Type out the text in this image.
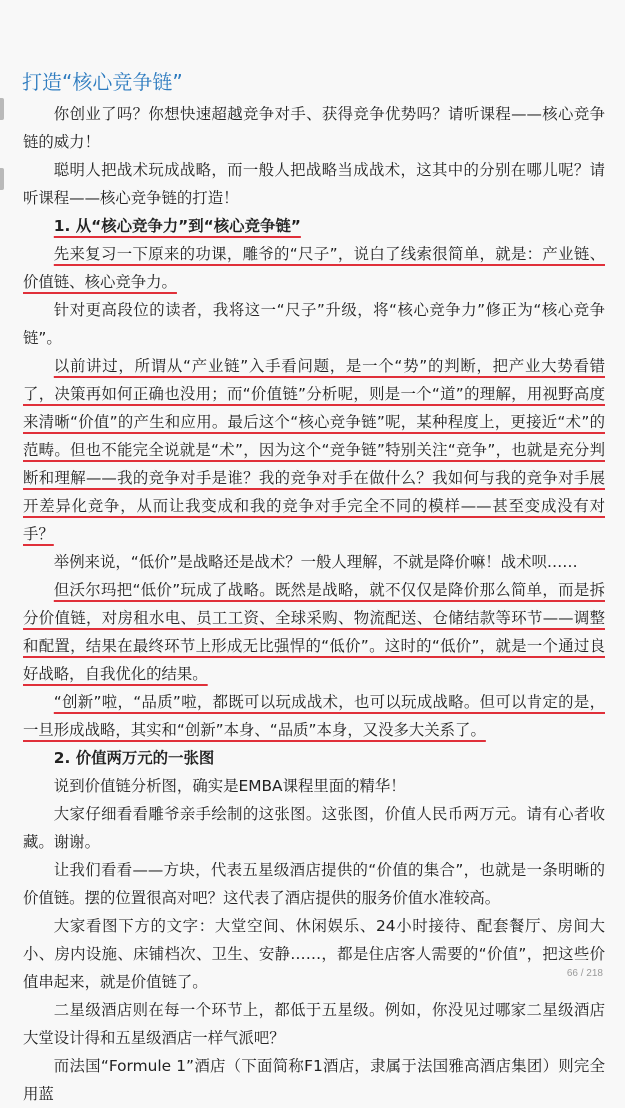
打造“核心竞争链”

你创业了吗？你想快速超越竞争对手、获得竞争优势吗？请听课程——核心竞争链的威力！

聪明人把战术玩成战略，而一般人把战略当成战术，这其中的分别在哪儿呢？请听课程——核心竞争链的打造！

1. 从“核心竞争力”到“核心竞争链”

先来复习一下原来的功课，雕爷的“尺子”，说白了线索很简单，就是：产业链、价值链、核心竞争力。

针对更高段位的读者，我将这一“尺子”升级，将“核心竞争力”修正为“核心竞争链”。

以前讲过，所谓从“产业链”入手看问题，是一个“势”的判断，把产业大势看错了，决策再如何正确也没用；而“价值链”分析呢，则是一个“道”的理解，用视野高度来清晰“价值”的产生和应用。最后这个“核心竞争链”呢，某种程度上，更接近“术”的范畴。但也不能完全说就是“术”，因为这个“竞争链”特别关注“竞争”，也就是充分判断和理解——我的竞争对手是谁？我的竞争对手在做什么？我如何与我的竞争对手展开差异化竞争，从而让我变成和我的竞争对手完全不同的模样——甚至变成没有对手？

举例来说，“低价”是战略还是战术？一般人理解，不就是降价嘛！战术呗……

但沃尔玛把“低价”玩成了战略。既然是战略，就不仅仅是降价那么简单，而是拆分价值链，对房租水电、员工工资、全球采购、物流配送、仓储结款等环节——调整和配置，结果在最终环节上形成无比强悍的“低价”。这时的“低价”，就是一个通过良好战略，自我优化的结果。

“创新”啦，“品质”啦，都既可以玩成战术，也可以玩成战略。但可以肯定的是，一旦形成战略，其实和“创新”本身、“品质”本身，又没多大关系了。

2. 价值两万元的一张图

说到价值链分析图，确实是EMBA课程里面的精华！

大家仔细看看雕爷亲手绘制的这张图。这张图，价值人民币两万元。请有心者收藏。谢谢。

让我们看看——方块，代表五星级酒店提供的“价值的集合”，也就是一条明晰的价值链。摆的位置很高对吧？这代表了酒店提供的服务价值水准较高。

大家看图下方的文字：大堂空间、休闲娱乐、24小时接待、配套餐厅、房间大小、房内设施、床铺档次、卫生、安静……，都是住店客人需要的“价值”，把这些价值串起来，就是价值链了。

二星级酒店则在每一个环节上，都低于五星级。例如，你没见过哪家二星级酒店大堂设计得和五星级酒店一样气派吧？

而法国“Formule 1”酒店（下面简称F1酒店，隶属于法国雅高酒店集团）则完全用蓝

66 / 218
